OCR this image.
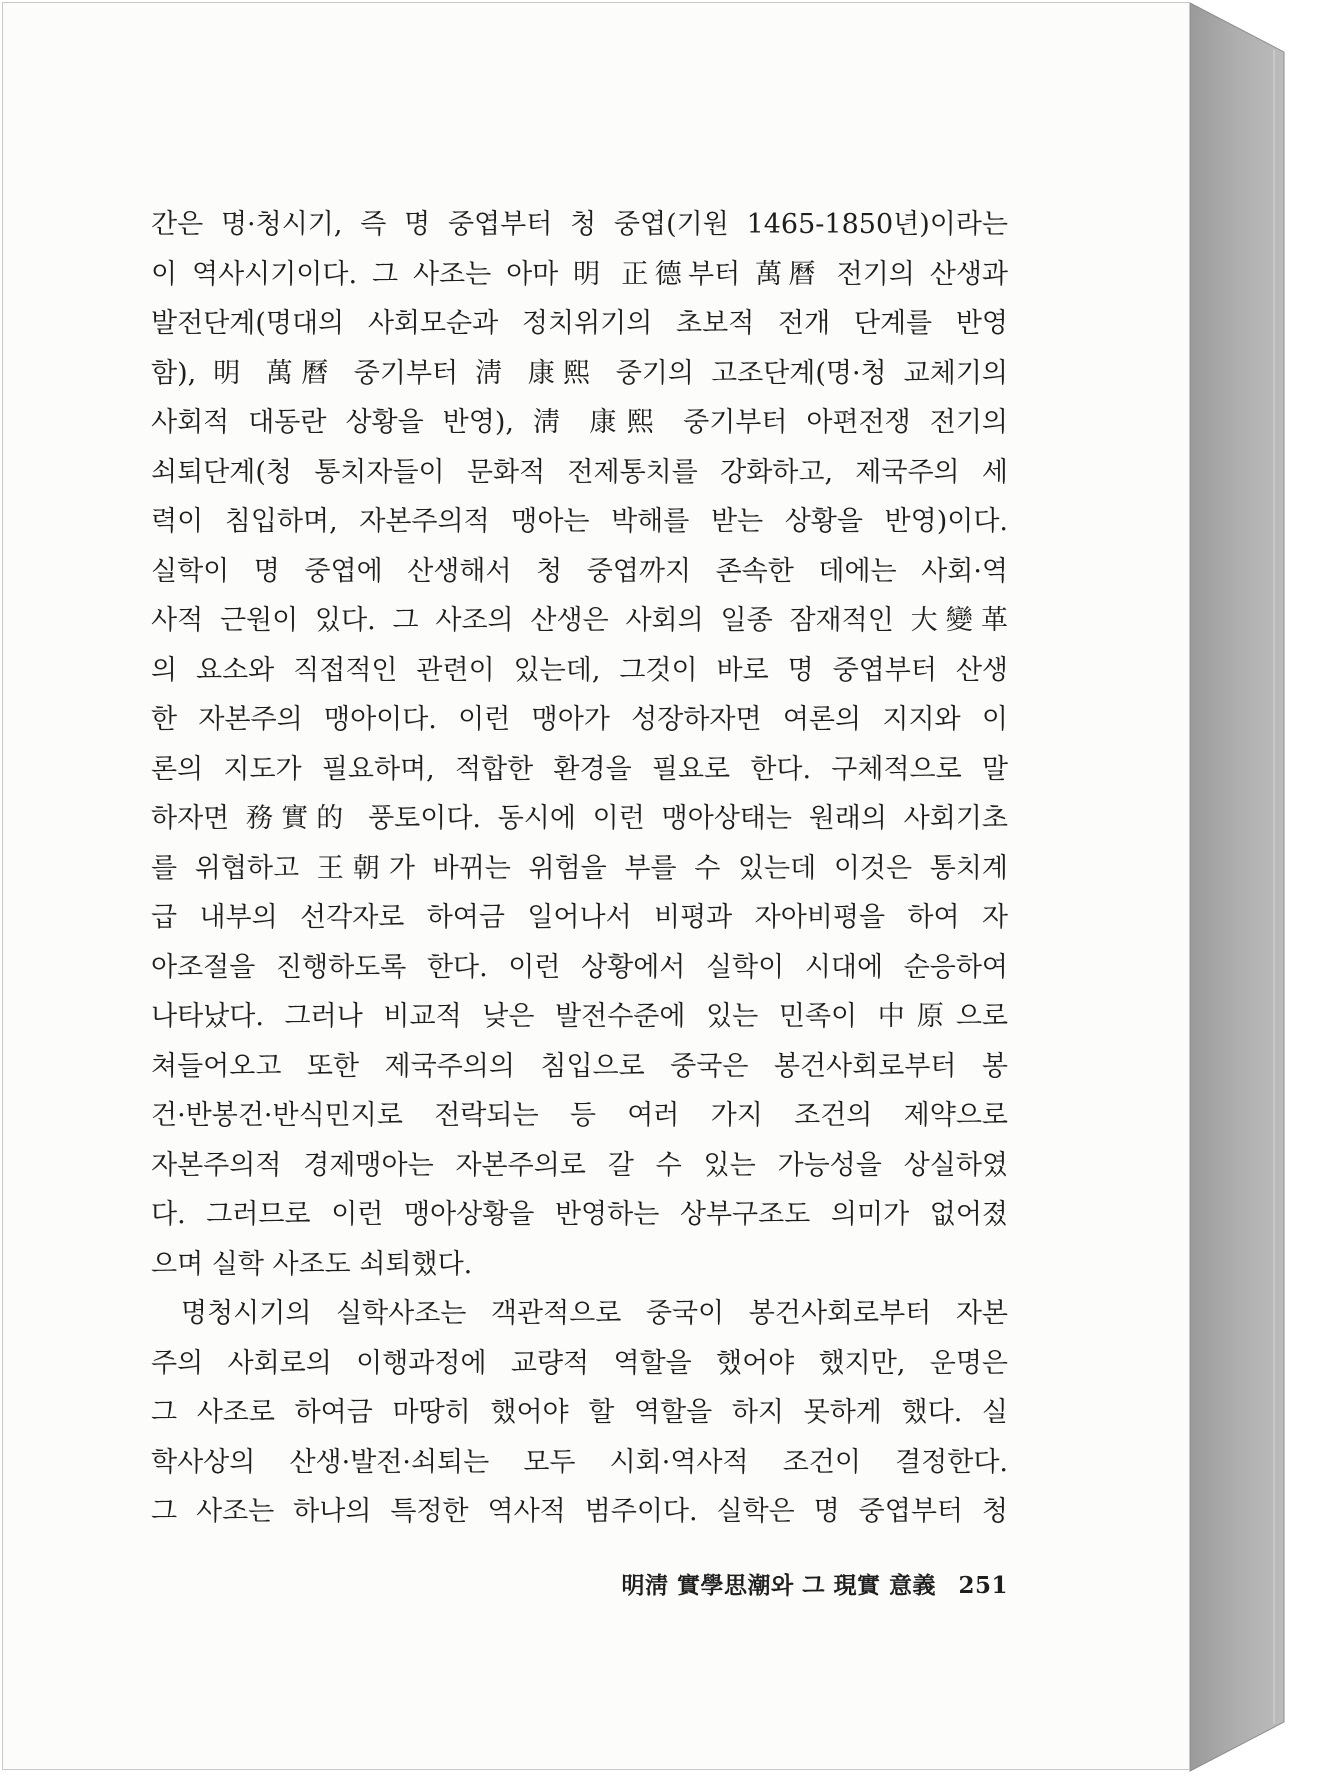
간은 명·청시기, 즉 명 중엽부터 청 중엽(기원 1465-1850년)이라는
이 역사시기이다. 그 사조는 아마 明 正德부터 萬曆 전기의 산생과
발전단계(명대의 사회모순과 정치위기의 초보적 전개 단계를 반영
함), 明 萬曆 중기부터 淸 康熙 중기의 고조단계(명·청 교체기의
사회적 대동란 상황을 반영), 淸 康熙 중기부터 아편전쟁 전기의
쇠퇴단계(청 통치자들이 문화적 전제통치를 강화하고, 제국주의 세
력이 침입하며, 자본주의적 맹아는 박해를 받는 상황을 반영)이다.
실학이 명 중엽에 산생해서 청 중엽까지 존속한 데에는 사회·역
사적 근원이 있다. 그 사조의 산생은 사회의 일종 잠재적인 大變革
의 요소와 직접적인 관련이 있는데, 그것이 바로 명 중엽부터 산생
한 자본주의 맹아이다. 이런 맹아가 성장하자면 여론의 지지와 이
론의 지도가 필요하며, 적합한 환경을 필요로 한다. 구체적으로 말
하자면 務實的 풍토이다. 동시에 이런 맹아상태는 원래의 사회기초
를 위협하고 王朝가 바뀌는 위험을 부를 수 있는데 이것은 통치계
급 내부의 선각자로 하여금 일어나서 비평과 자아비평을 하여 자
아조절을 진행하도록 한다. 이런 상황에서 실학이 시대에 순응하여
나타났다. 그러나 비교적 낮은 발전수준에 있는 민족이 中原으로
쳐들어오고 또한 제국주의의 침입으로 중국은 봉건사회로부터 봉
건·반봉건·반식민지로 전락되는 등 여러 가지 조건의 제약으로
자본주의적 경제맹아는 자본주의로 갈 수 있는 가능성을 상실하였
다. 그러므로 이런 맹아상황을 반영하는 상부구조도 의미가 없어졌
으며 실학 사조도 쇠퇴했다.
명청시기의 실학사조는 객관적으로 중국이 봉건사회로부터 자본
주의 사회로의 이행과정에 교량적 역할을 했어야 했지만, 운명은
그 사조로 하여금 마땅히 했어야 할 역할을 하지 못하게 했다. 실
학사상의 산생·발전·쇠퇴는 모두 시회·역사적 조건이 결정한다.
그 사조는 하나의 특정한 역사적 범주이다. 실학은 명 중엽부터 청
明淸 實學思潮와 그 現實 意義 251
